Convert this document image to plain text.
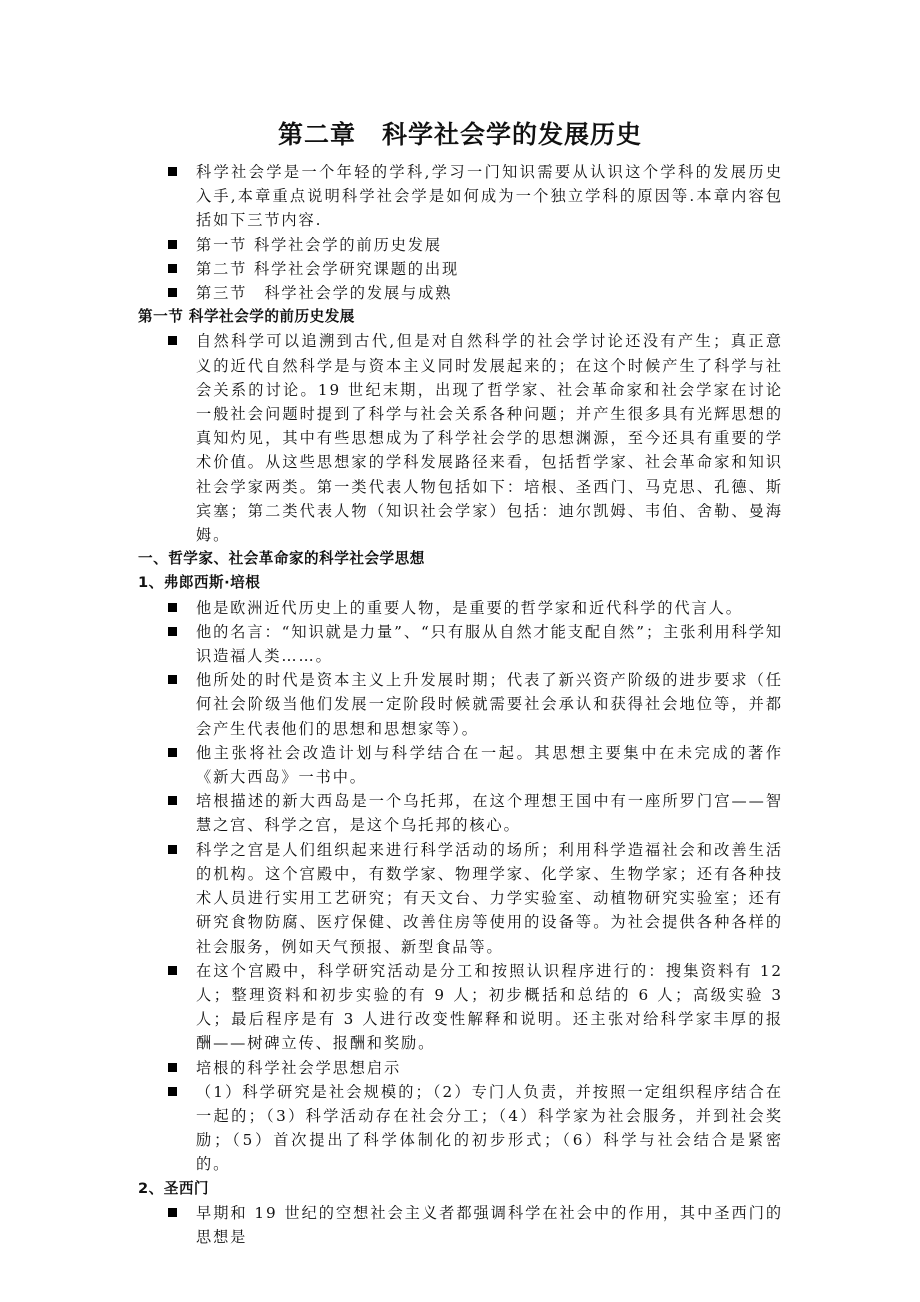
第二章　科学社会学的发展历史
科学社会学是一个年轻的学科,学习一门知识需要从认识这个学科的发展历史入手,本章重点说明科学社会学是如何成为一个独立学科的原因等.本章内容包括如下三节内容.
第一节 科学社会学的前历史发展
第二节 科学社会学研究课题的出现
第三节　科学社会学的发展与成熟
第一节 科学社会学的前历史发展
自然科学可以追溯到古代,但是对自然科学的社会学讨论还没有产生；真正意义的近代自然科学是与资本主义同时发展起来的；在这个时候产生了科学与社会关系的讨论。19 世纪末期，出现了哲学家、社会革命家和社会学家在讨论一般社会问题时提到了科学与社会关系各种问题；并产生很多具有光辉思想的真知灼见，其中有些思想成为了科学社会学的思想渊源，至今还具有重要的学术价值。从这些思想家的学科发展路径来看，包括哲学家、社会革命家和知识社会学家两类。第一类代表人物包括如下：培根、圣西门、马克思、孔德、斯宾塞；第二类代表人物（知识社会学家）包括：迪尔凯姆、韦伯、舍勒、曼海姆。
一、哲学家、社会革命家的科学社会学思想
1、弗郎西斯·培根
他是欧洲近代历史上的重要人物，是重要的哲学家和近代科学的代言人。
他的名言：“知识就是力量”、“只有服从自然才能支配自然”；主张利用科学知识造福人类……。
他所处的时代是资本主义上升发展时期；代表了新兴资产阶级的进步要求（任何社会阶级当他们发展一定阶段时候就需要社会承认和获得社会地位等，并都会产生代表他们的思想和思想家等）。
他主张将社会改造计划与科学结合在一起。其思想主要集中在未完成的著作《新大西岛》一书中。
培根描述的新大西岛是一个乌托邦，在这个理想王国中有一座所罗门宫——智慧之宫、科学之宫，是这个乌托邦的核心。
科学之宫是人们组织起来进行科学活动的场所；利用科学造福社会和改善生活的机构。这个宫殿中，有数学家、物理学家、化学家、生物学家；还有各种技术人员进行实用工艺研究；有天文台、力学实验室、动植物研究实验室；还有研究食物防腐、医疗保健、改善住房等使用的设备等。为社会提供各种各样的社会服务，例如天气预报、新型食品等。
在这个宫殿中，科学研究活动是分工和按照认识程序进行的：搜集资料有 12 人；整理资料和初步实验的有 9 人；初步概括和总结的 6 人；高级实验 3 人；最后程序是有 3 人进行改变性解释和说明。还主张对给科学家丰厚的报酬——树碑立传、报酬和奖励。
培根的科学社会学思想启示
（1）科学研究是社会规模的；（2）专门人负责，并按照一定组织程序结合在一起的；（3）科学活动存在社会分工；（4）科学家为社会服务，并到社会奖励；（5）首次提出了科学体制化的初步形式；（6）科学与社会结合是紧密的。
2、圣西门
早期和 19 世纪的空想社会主义者都强调科学在社会中的作用，其中圣西门的思想是
